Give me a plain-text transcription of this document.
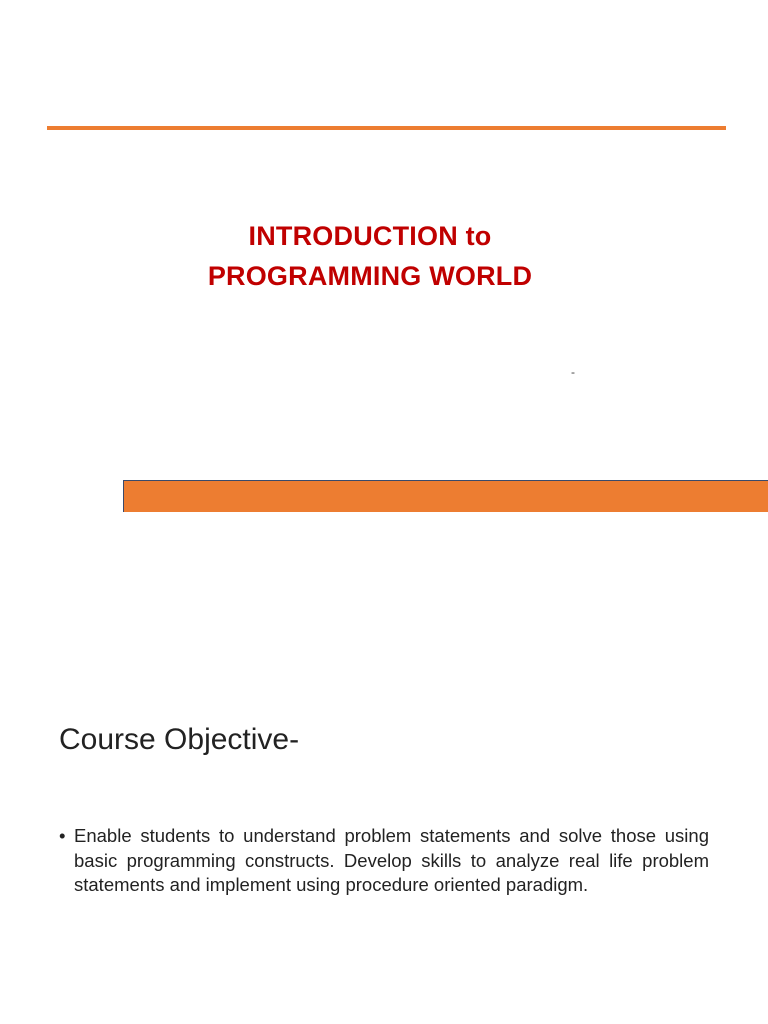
INTRODUCTION to
PROGRAMMING WORLD
-
Course Objective-
• Enable students to understand problem statements and solve those using basic programming constructs. Develop skills to analyze real life problem statements and implement using procedure oriented paradigm.
